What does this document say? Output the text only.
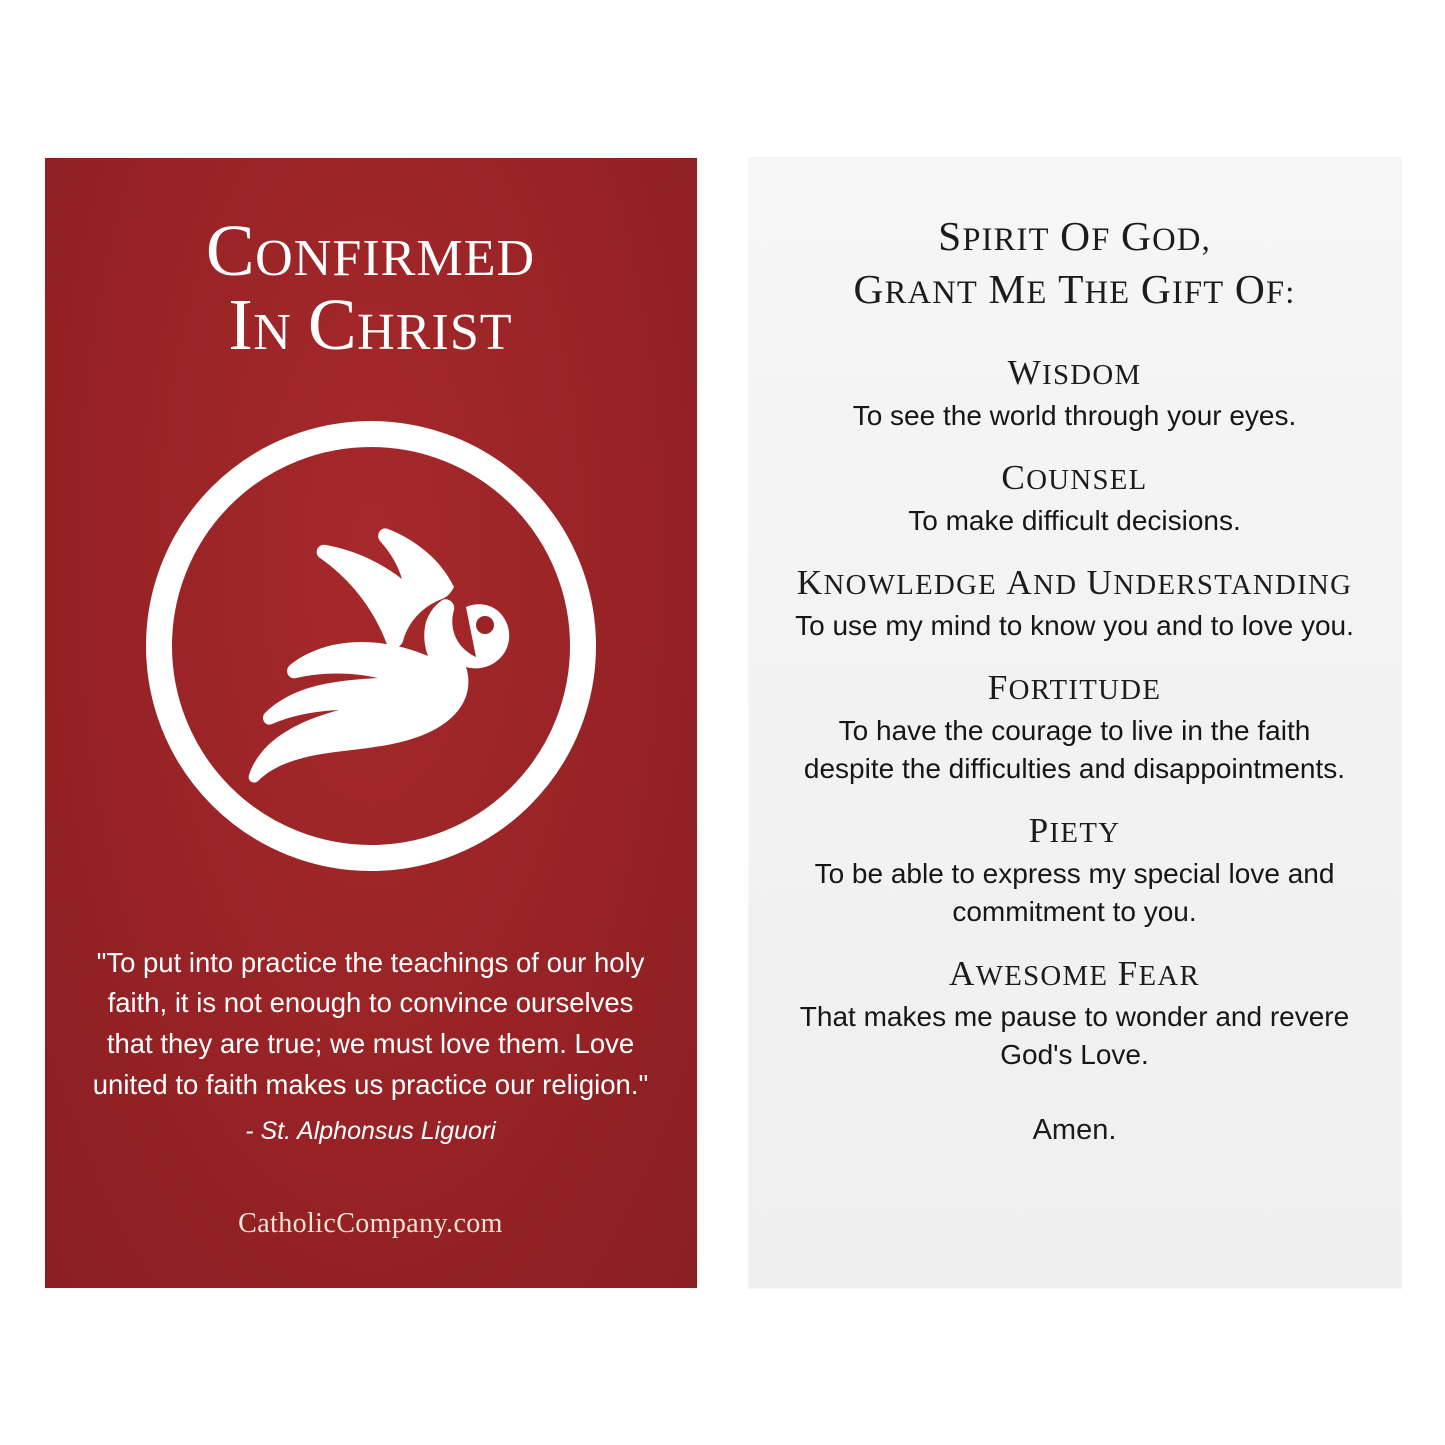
CONFIRMED
IN CHRIST
"To put into practice the teachings of our holy faith, it is not enough to convince ourselves that they are true; we must love them. Love united to faith makes us practice our religion."
- St. Alphonsus Liguori
CatholicCompany.com
SPIRIT OF GOD,
GRANT ME THE GIFT OF:
WISDOM
To see the world through your eyes.
COUNSEL
To make difficult decisions.
KNOWLEDGE AND UNDERSTANDING
To use my mind to know you and to love you.
FORTITUDE
To have the courage to live in the faith despite the difficulties and disappointments.
PIETY
To be able to express my special love and commitment to you.
AWESOME FEAR
That makes me pause to wonder and revere God's Love.
Amen.
